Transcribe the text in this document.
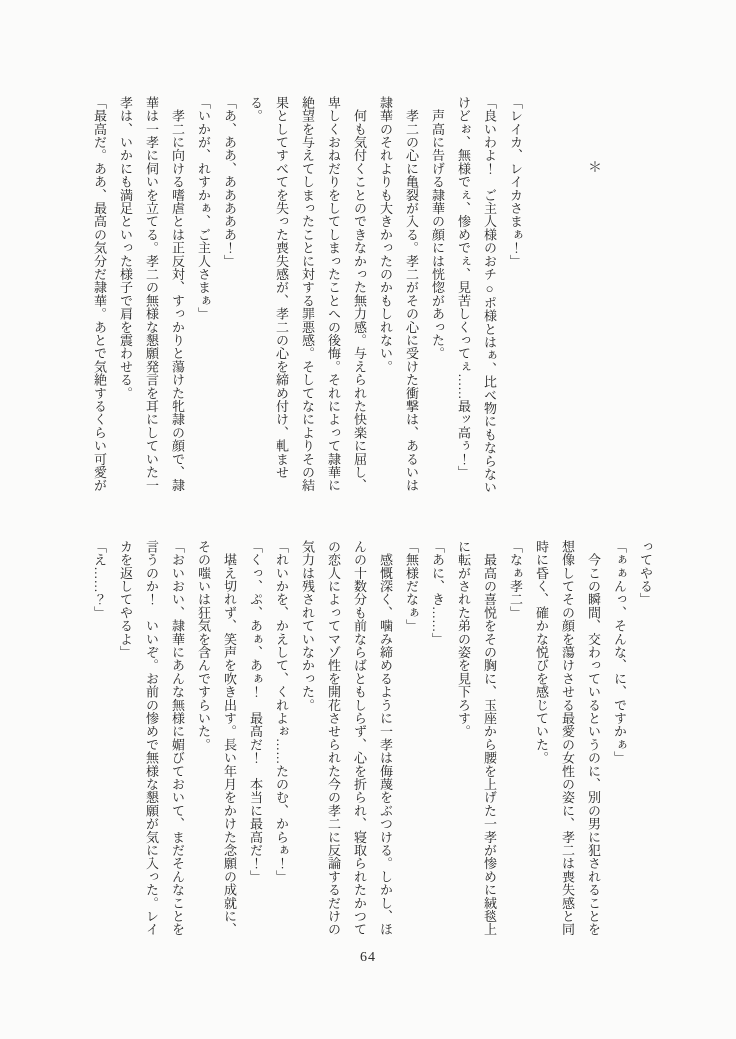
＊

「レイカ、レイカさまぁ！」

「良いわよ！　ご主人様のおチ○ポ様とはぁ、比べ物にもならない

けどぉ、無様でぇ、惨めでぇ、見苦しくってぇ……最ッ高ぅ！」

　声高に告げる隷華の顔には恍惚があった。

　孝二の心に亀裂が入る。孝二がその心に受けた衝撃は、あるいは

隷華のそれよりも大きかったのかもしれない。

　何も気付くことのできなかった無力感。与えられた快楽に屈し、

卑しくおねだりをしてしまったことへの後悔。それによって隷華に

絶望を与えてしまったことに対する罪悪感。そしてなによりその結

果としてすべてを失った喪失感が、孝二の心を締め付け、軋ませ

る。

「あ、ああ、あああああ！」

「いかが、れすかぁ、ご主人さまぁ」

　孝二に向ける嗜虐とは正反対、すっかりと蕩けた牝隷の顔で、隷

華は一孝に伺いを立てる。孝二の無様な懇願発言を耳にしていた一

孝は、いかにも満足といった様子で肩を震わせる。

「最高だ。ああ、最高の気分だ隷華。あとで気絶するくらい可愛が

ってやる」

「ぁぁんっ、そんな、に、ですかぁ」

　今この瞬間、交わっているというのに、別の男に犯されることを

想像してその顔を蕩けさせる最愛の女性の姿に、孝二は喪失感と同

時に昏く、確かな悦びを感じていた。

「なぁ孝二」

　最高の喜悦をその胸に、玉座から腰を上げた一孝が惨めに絨毯上

に転がされた弟の姿を見下ろす。

「あに、き……」

「無様だなぁ」

　感慨深く、噛み締めるように一孝は侮蔑をぶつける。しかし、ほ

んの十数分も前ならばともしらず、心を折られ、寝取られたかつて

の恋人によってマゾ性を開花させられた今の孝二に反論するだけの

気力は残されていなかった。

「れいかを、かえして、くれよぉ……たのむ、からぁ！」

「くっ、ぷ、あぁ、あぁ！　最高だ！　本当に最高だ！」

　堪え切れず、笑声を吹き出す。長い年月をかけた念願の成就に、

その嗤いは狂気を含んですらいた。

「おいおい、隷華にあんな無様に媚びておいて、まだそんなことを

言うのか！　いいぞ。お前の惨めで無様な懇願が気に入った。レイ

カを返してやるよ」

「え……？」

64
